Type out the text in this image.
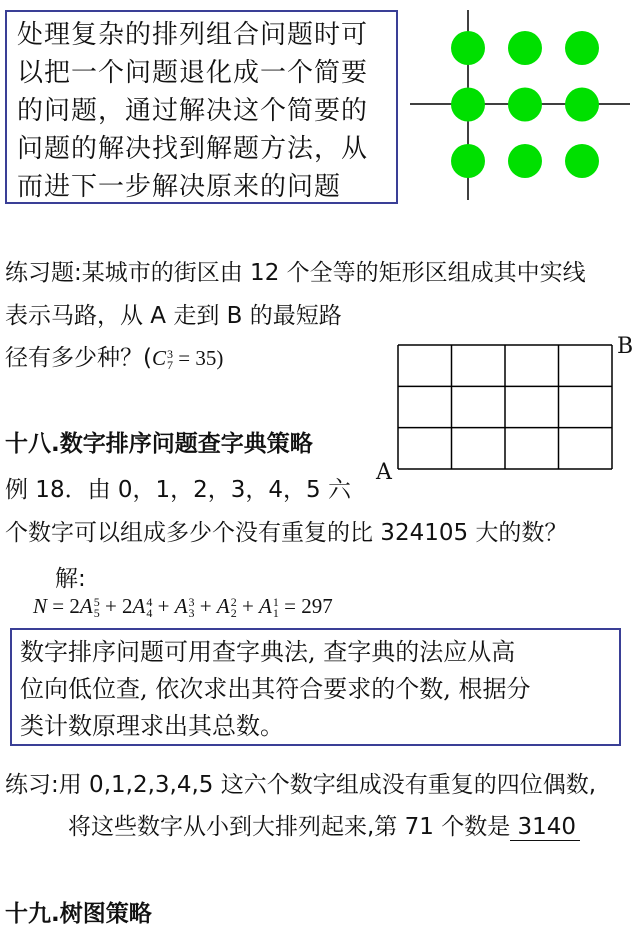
处理复杂的排列组合问题时可
以把一个问题退化成一个简要
的问题，通过解决这个简要的
问题的解决找到解题方法，从
而进下一步解决原来的问题
练习题:某城市的街区由 12 个全等的矩形区组成其中实线
表示马路，从 A 走到 B 的最短路
径有多少种？(C 3
7 = 35)	B
A
十八.数字排序问题查字典策略
例 18．由 0，1，2，3，4，5 六
个数字可以组成多少个没有重复的比 324105 大的数？
解:
N = 2A 5
5 + 2A 4
4 + A 3
3 + A 2
2 + A 1
1 = 297
数字排序问题可用查字典法, 查字典的法应从高
位向低位查, 依次求出其符合要求的个数, 根据分
类计数原理求出其总数。
练习:用 0,1,2,3,4,5 这六个数字组成没有重复的四位偶数,
将这些数字从小到大排列起来,第 71 个数是 3140
十九.树图策略
